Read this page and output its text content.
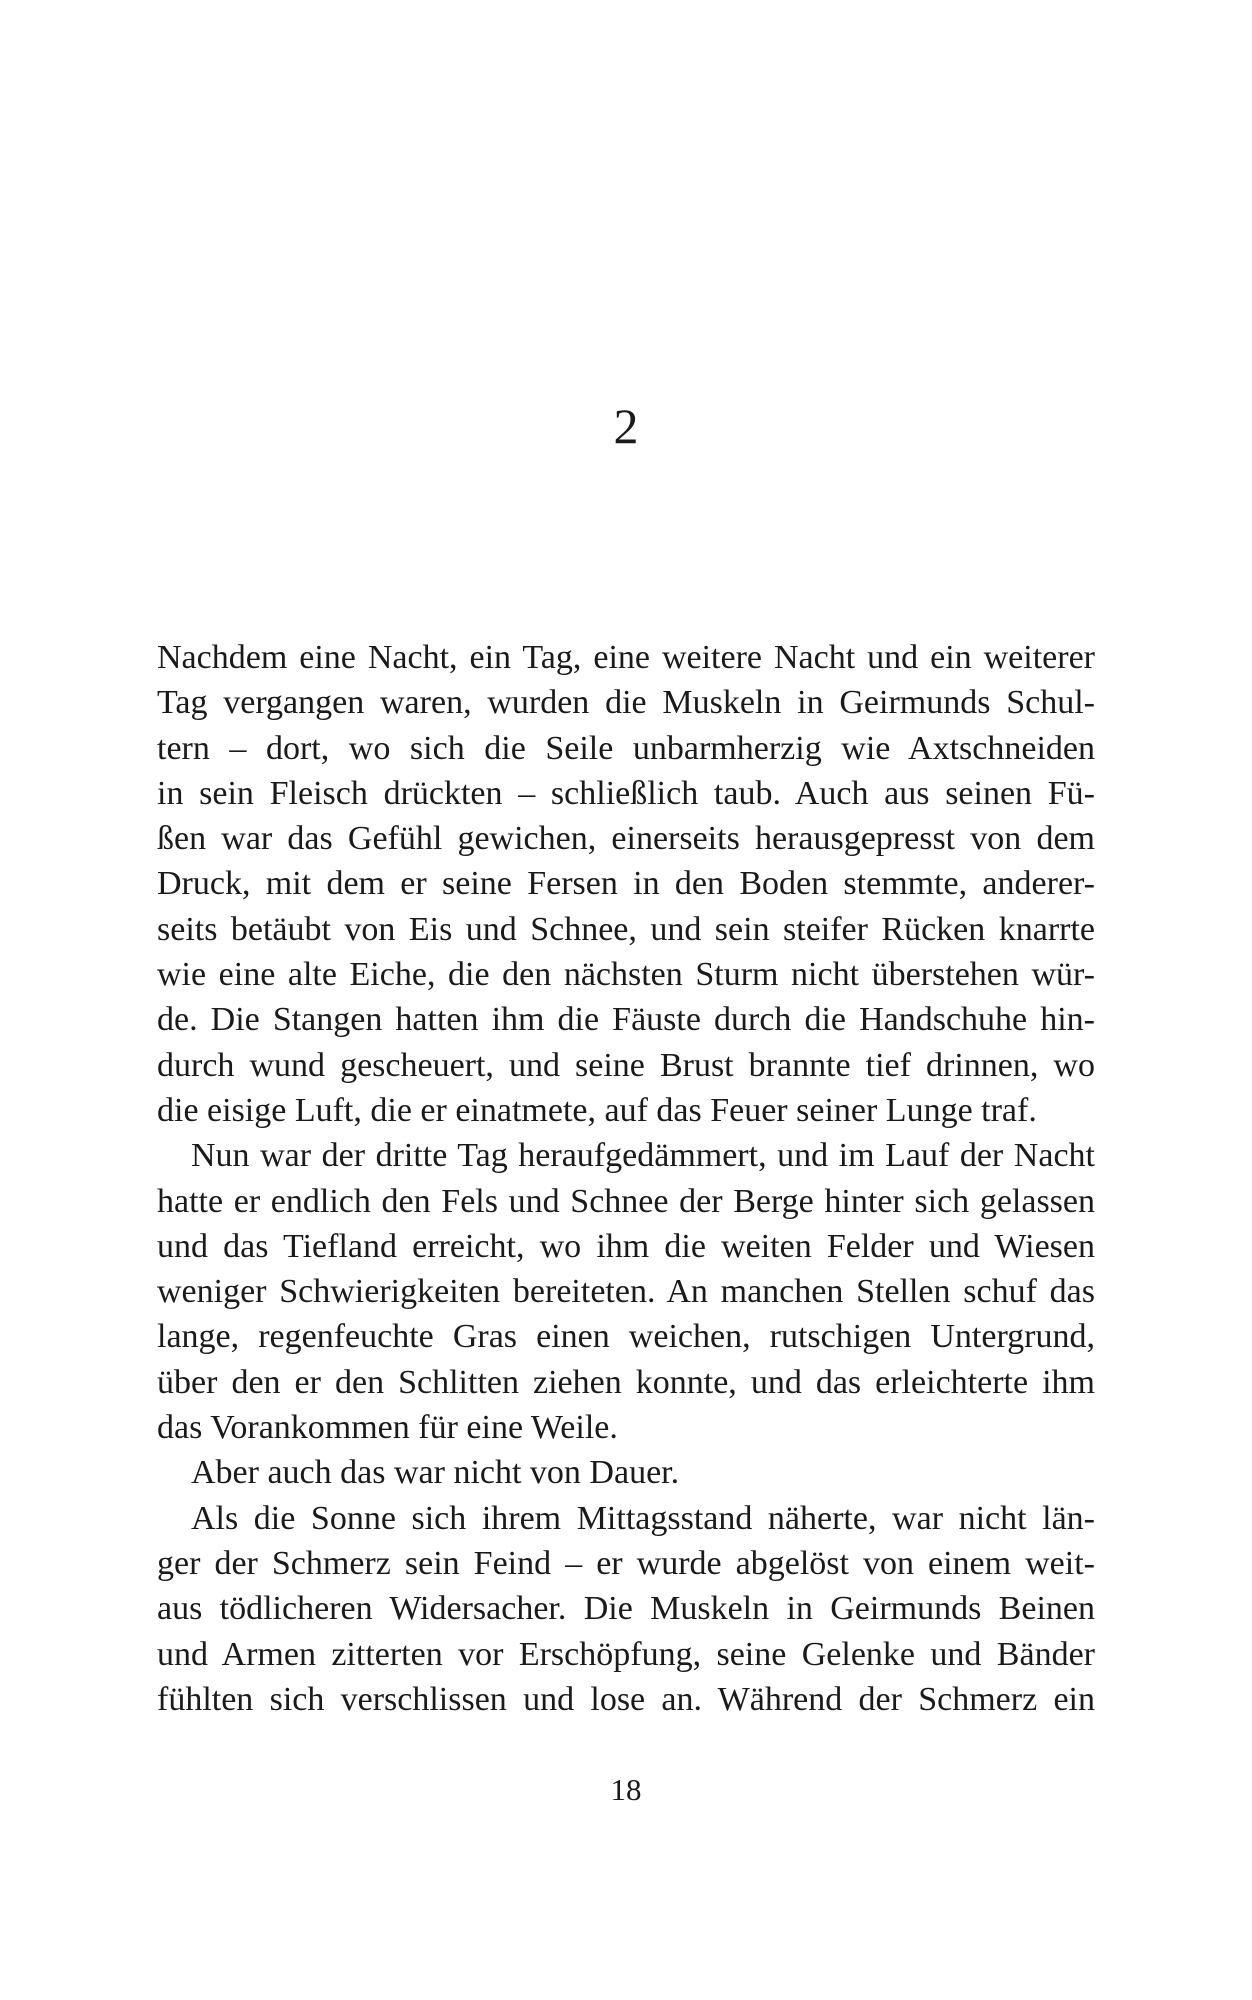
2
Nachdem eine Nacht, ein Tag, eine weitere Nacht und ein weiterer
Tag vergangen waren, wurden die Muskeln in Geirmunds Schul-
tern – dort, wo sich die Seile unbarmherzig wie Axtschneiden
in sein Fleisch drückten – schließlich taub. Auch aus seinen Fü-
ßen war das Gefühl gewichen, einerseits herausgepresst von dem
Druck, mit dem er seine Fersen in den Boden stemmte, anderer-
seits betäubt von Eis und Schnee, und sein steifer Rücken knarrte
wie eine alte Eiche, die den nächsten Sturm nicht überstehen wür-
de. Die Stangen hatten ihm die Fäuste durch die Handschuhe hin-
durch wund gescheuert, und seine Brust brannte tief drinnen, wo
die eisige Luft, die er einatmete, auf das Feuer seiner Lunge traf.
Nun war der dritte Tag heraufgedämmert, und im Lauf der Nacht
hatte er endlich den Fels und Schnee der Berge hinter sich gelassen
und das Tiefland erreicht, wo ihm die weiten Felder und Wiesen
weniger Schwierigkeiten bereiteten. An manchen Stellen schuf das
lange, regenfeuchte Gras einen weichen, rutschigen Untergrund,
über den er den Schlitten ziehen konnte, und das erleichterte ihm
das Vorankommen für eine Weile.
Aber auch das war nicht von Dauer.
Als die Sonne sich ihrem Mittagsstand näherte, war nicht län-
ger der Schmerz sein Feind – er wurde abgelöst von einem weit-
aus tödlicheren Widersacher. Die Muskeln in Geirmunds Beinen
und Armen zitterten vor Erschöpfung, seine Gelenke und Bänder
fühlten sich verschlissen und lose an. Während der Schmerz ein
18
